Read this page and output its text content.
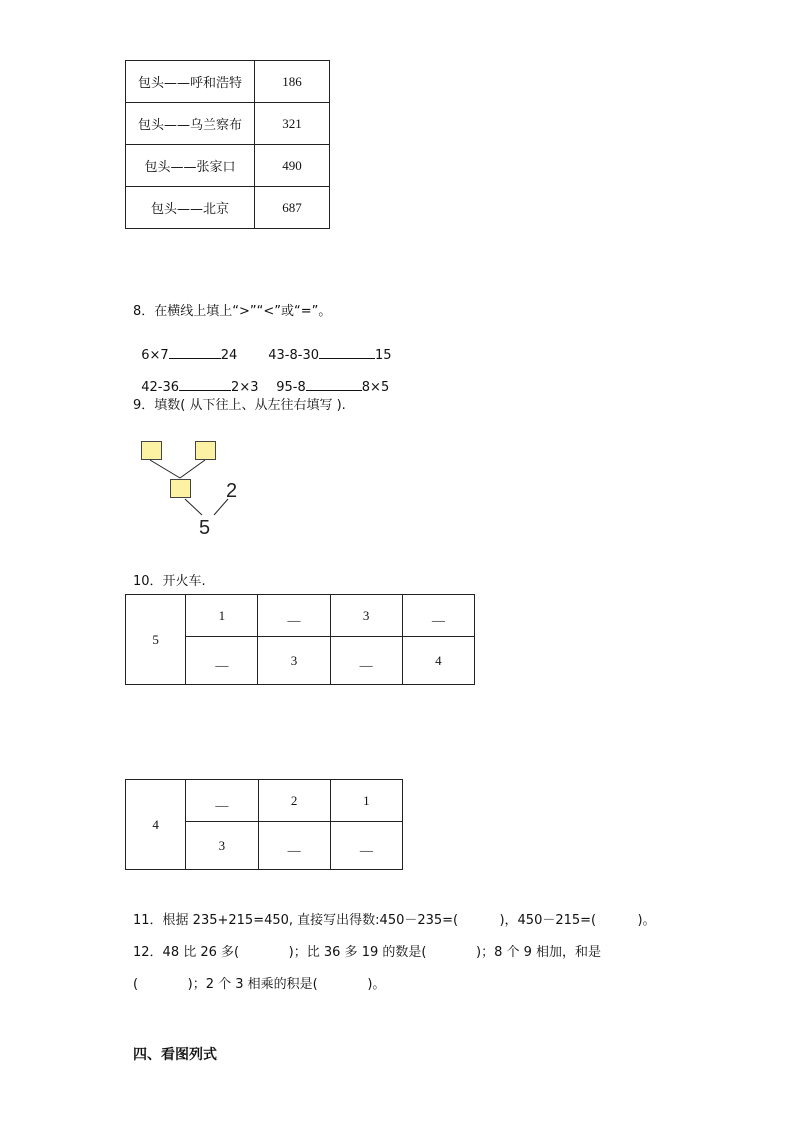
包头——呼和浩特	186
包头——乌兰察布	321
包头——张家口	490
包头——北京	687
8．在横线上填上“>”“<”或“=”。

6×7	24	43-8-30	15

42-36	2×3	95-8	8×5

9．填数( 从下往上、从左往右填写 ).
2
5
10．开火车.
5	1	__	3	__
	__	3	__	4
4	__	2	1
	3	__	__
11．根据 235+215=450, 直接写出得数:450－235=(          )，450－215=(          )。
12．48 比 26 多(            )；比 36 多 19 的数是(            )；8 个 9 相加，和是
(            )；2 个 3 相乘的积是(            )。
四、看图列式
